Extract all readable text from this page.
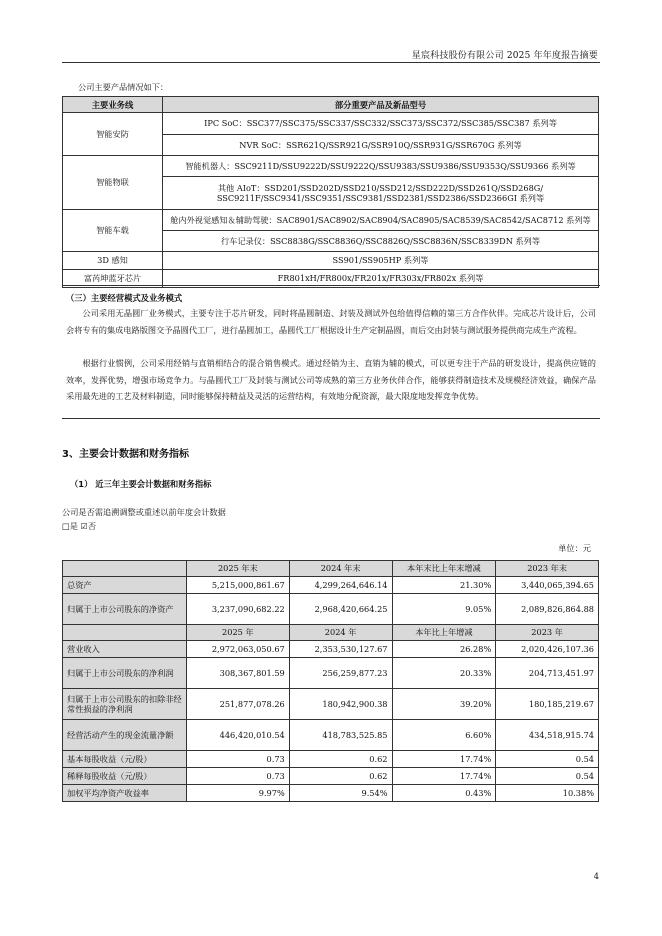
星宸科技股份有限公司 2025 年年度报告摘要
公司主要产品情况如下：
主要业务线	部分重要产品及新品型号
智能安防	IPC SoC：SSC377/SSC375/SSC337/SSC332/SSC373/SSC372/SSC385/SSC387 系列等
	NVR SoC：SSR621Q/SSR921G/SSR910Q/SSR931G/SSR670G 系列等
智能物联	智能机器人：SSC9211D/SSU9222D/SSU9222Q/SSU9383/SSU9386/SSU9353Q/SSU9366 系列等
	其他 AIoT：SSD201/SSD202D/SSD210/SSD212/SSD222D/SSD261Q/SSD268G/ SSC9211F/SSC9341/SSC9351/SSC9381/SSD2381/SSD2386/SSD2366GI 系列等
智能车载	舱内外视觉感知＆辅助驾驶：SAC8901/SAC8902/SAC8904/SAC8905/SAC8539/SAC8542/SAC8712 系列等
	行车记录仪：SSC8838G/SSC8836Q/SSC8826Q/SSC8836N/SSC8339DN 系列等
3D 感知	SS901/SS905HP 系列等
富芮坤蓝牙芯片	FR801xH/FR800x/FR201x/FR303x/FR802x 系列等
（三）主要经营模式及业务模式

公司采用无晶圆厂业务模式，主要专注于芯片研发，同时将晶圆制造、封装及测试外包给值得信赖的第三方合作伙伴。完成芯片设计后，公司会将专有的集成电路版图交予晶圆代工厂，进行晶圆加工，晶圆代工厂根据设计生产定制晶圆，而后交由封装与测试服务提供商完成生产流程。

根据行业惯例，公司采用经销与直销相结合的混合销售模式。通过经销为主、直销为辅的模式，可以更专注于产品的研发设计，提高供应链的效率，发挥优势，增强市场竞争力。与晶圆代工厂及封装与测试公司等成熟的第三方业务伙伴合作，能够获得制造技术及规模经济效益，确保产品采用最先进的工艺及材料制造，同时能够保持精益及灵活的运营结构，有效地分配资源，最大限度地发挥竞争优势。

3、主要会计数据和财务指标
（1） 近三年主要会计数据和财务指标
公司是否需追溯调整或重述以前年度会计数据
□是 ☑否
单位：元
	2025 年末	2024 年末	本年末比上年末增减	2023 年末
总资产	5,215,000,861.67	4,299,264,646.14	21.30%	3,440,065,394.65
归属于上市公司股东的净资产	3,237,090,682.22	2,968,420,664.25	9.05%	2,089,826,864.88
	2025 年	2024 年	本年比上年增减	2023 年
营业收入	2,972,063,050.67	2,353,530,127.67	26.28%	2,020,426,107.36
归属于上市公司股东的净利润	308,367,801.59	256,259,877.23	20.33%	204,713,451.97
归属于上市公司股东的扣除非经常性损益的净利润	251,877,078.26	180,942,900.38	39.20%	180,185,219.67
经营活动产生的现金流量净额	446,420,010.54	418,783,525.85	6.60%	434,518,915.74
基本每股收益（元/股）	0.73	0.62	17.74%	0.54
稀释每股收益（元/股）	0.73	0.62	17.74%	0.54
加权平均净资产收益率	9.97%	9.54%	0.43%	10.38%
4
